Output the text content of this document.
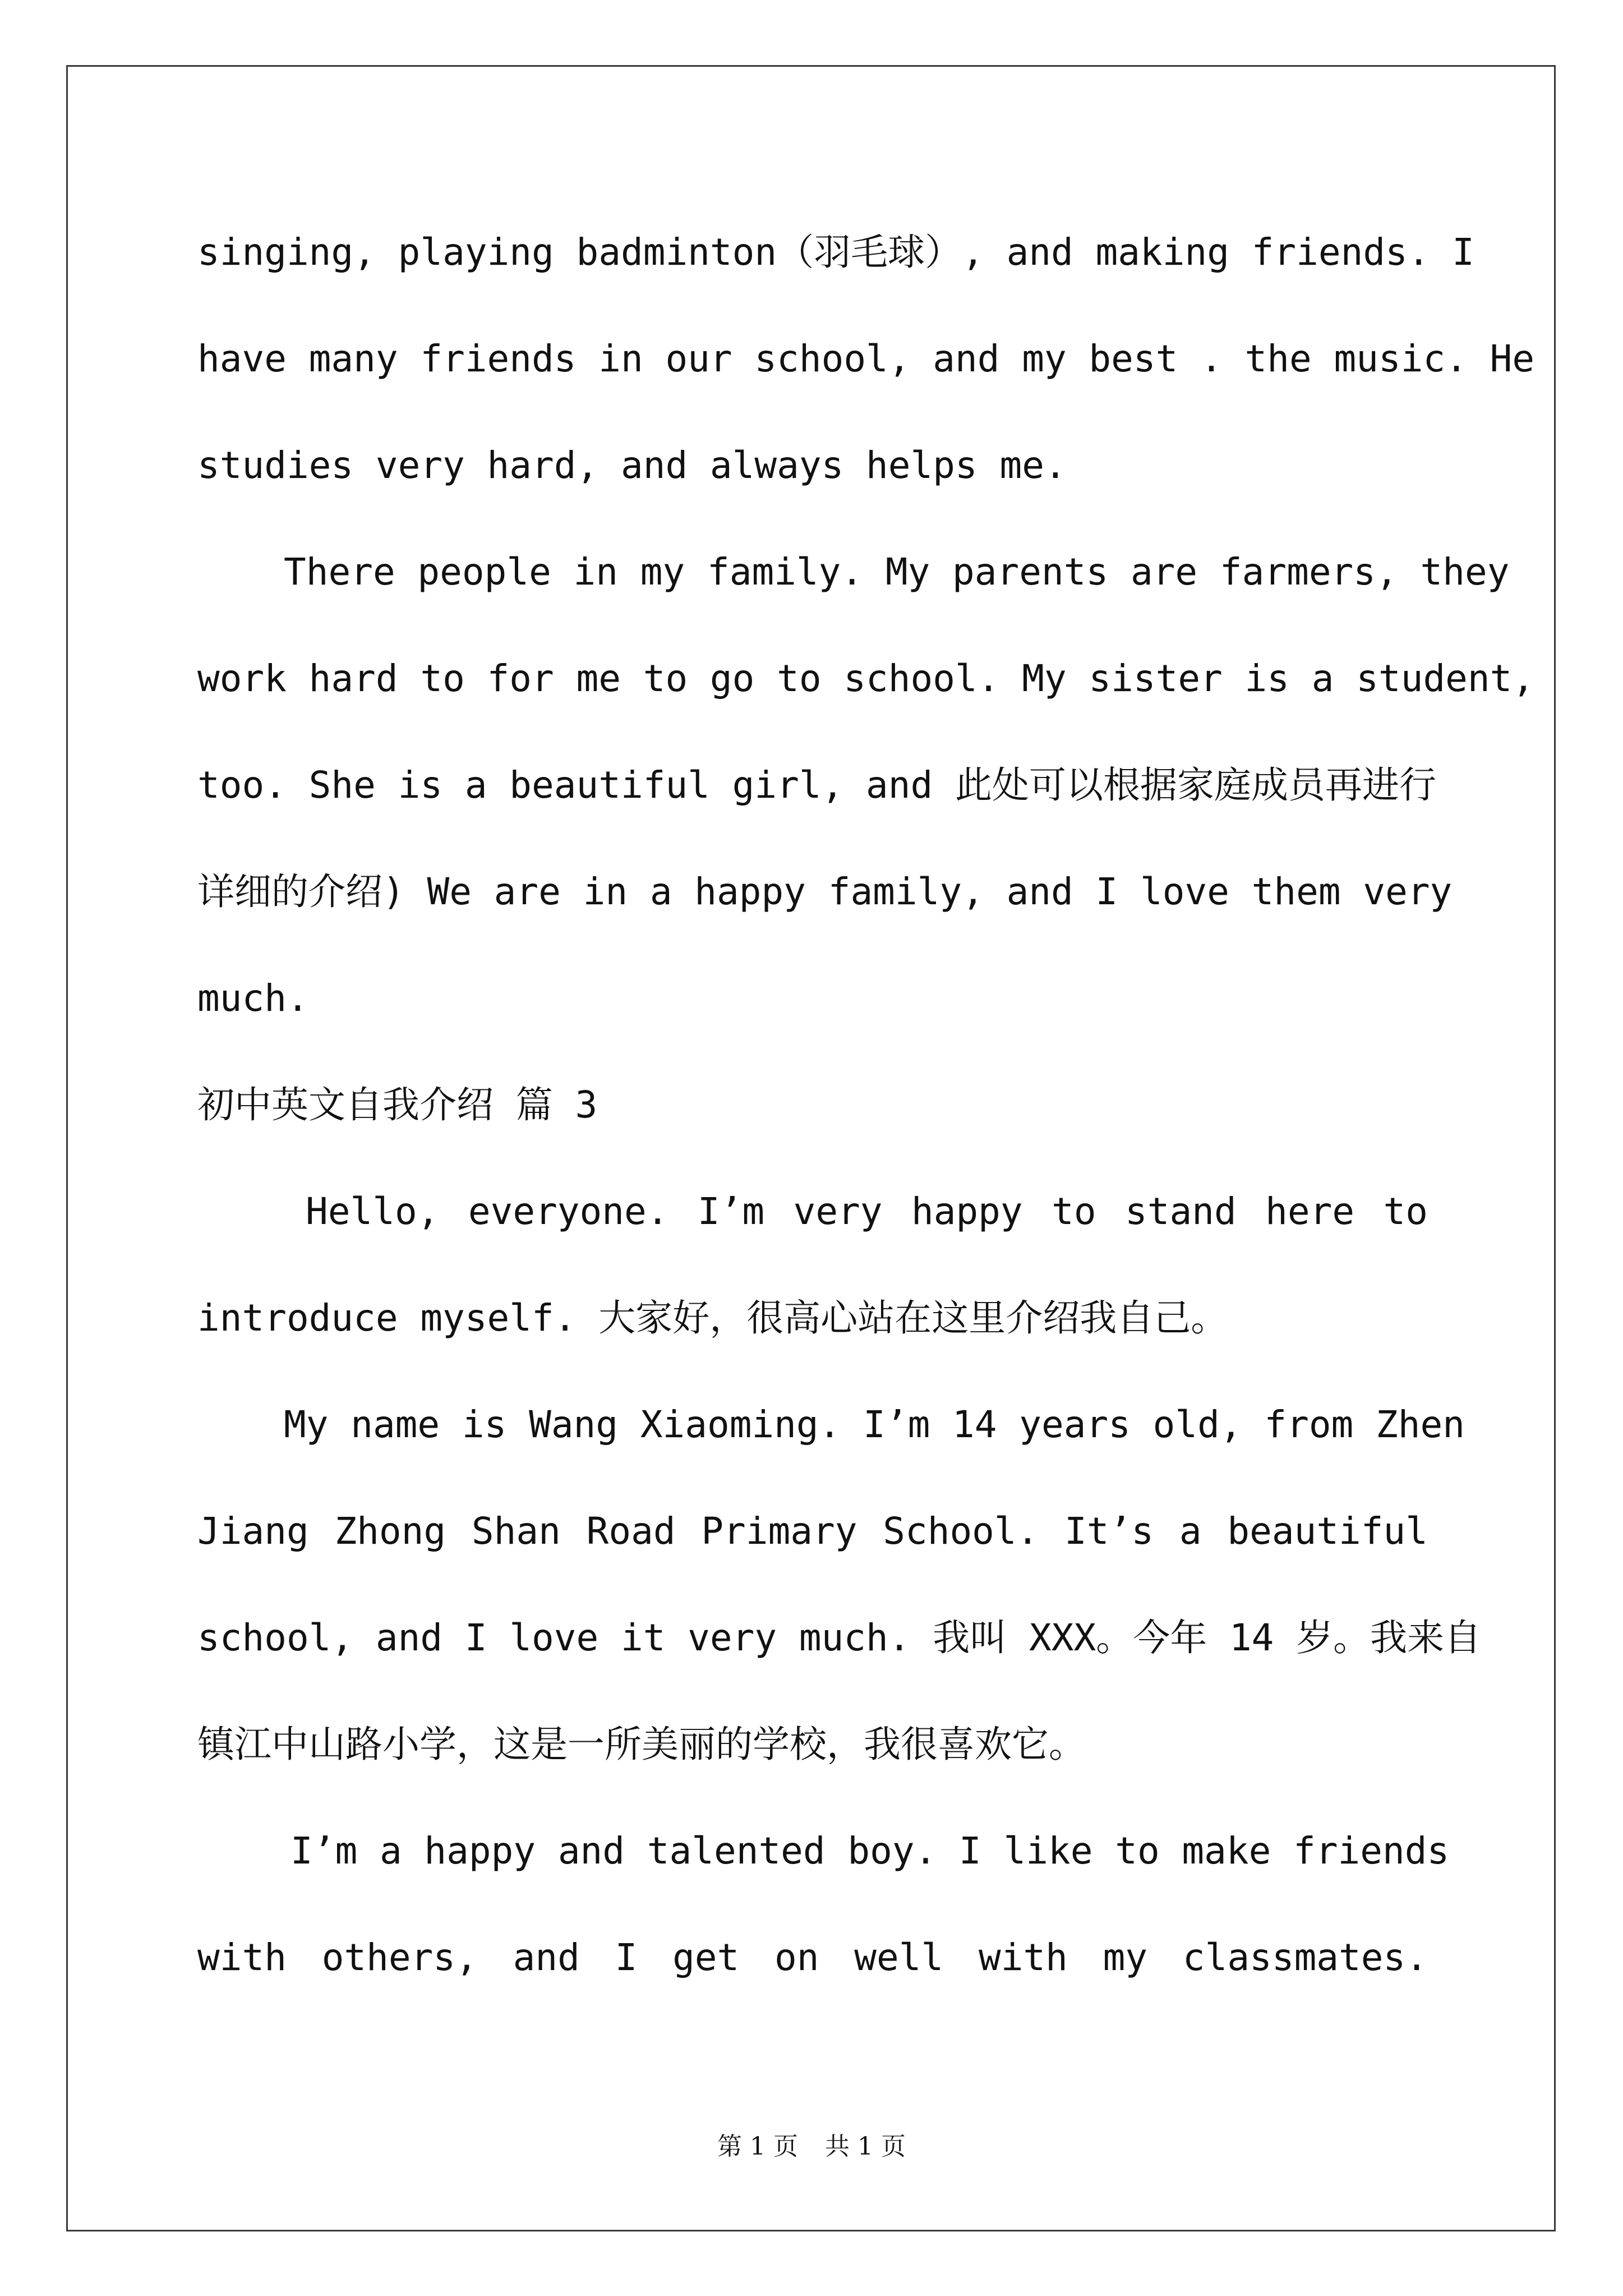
singing, playing badminton（羽毛球）, and making friends. I
have many friends in our school, and my best . the music. He
studies very hard, and always helps me.
There people in my family. My parents are farmers, they
work hard to for me to go to school. My sister is a student,
too. She is a beautiful girl, and 此处可以根据家庭成员再进行
详细的介绍) We are in a happy family, and I love them very
much.
初中英文自我介绍 篇 3
Hello, everyone. I’m very happy to stand here to
introduce myself. 大家好，很高心站在这里介绍我自己。
My name is Wang Xiaoming. I’m 14 years old, from Zhen
Jiang Zhong Shan Road Primary School. It’s a beautiful
school, and I love it very much. 我叫 XXX。今年 14 岁。我来自
镇江中山路小学，这是一所美丽的学校，我很喜欢它。
I’m a happy and talented boy. I like to make friends
with others, and I get on well with my classmates.
第 1 页 共 1 页
